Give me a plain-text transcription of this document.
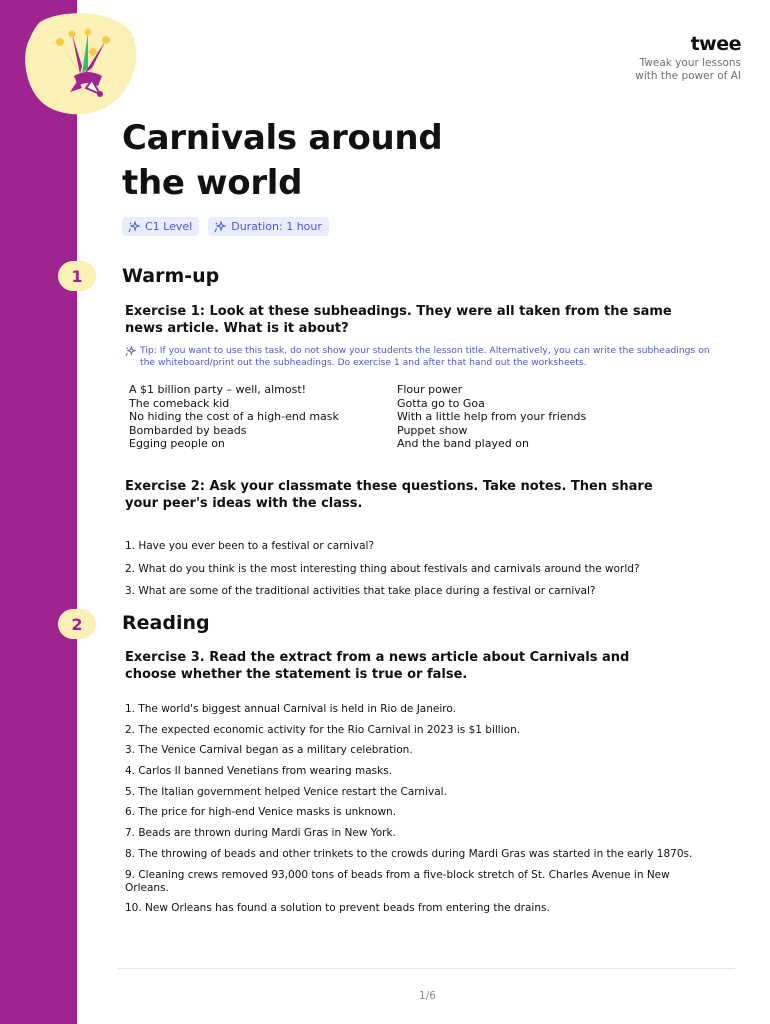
twee
Tweak your lessons
with the power of AI
Carnivals around
the world
C1 Level	Duration: 1 hour
1	Warm-up

Exercise 1: Look at these subheadings. They were all taken from the same news article. What is it about?

Tip: If you want to use this task, do not show your students the lesson title. Alternatively, you can write the subheadings on the whiteboard/print out the subheadings. Do exercise 1 and after that hand out the worksheets.

A $1 billion party – well, almost!
The comeback kid
No hiding the cost of a high-end mask
Bombarded by beads
Egging people on
Flour power
Gotta go to Goa
With a little help from your friends
Puppet show
And the band played on

Exercise 2: Ask your classmate these questions. Take notes. Then share your peer's ideas with the class.

1. Have you ever been to a festival or carnival?
2. What do you think is the most interesting thing about festivals and carnivals around the world?
3. What are some of the traditional activities that take place during a festival or carnival?
2	Reading

Exercise 3. Read the extract from a news article about Carnivals and choose whether the statement is true or false.

1. The world's biggest annual Carnival is held in Rio de Janeiro.
2. The expected economic activity for the Rio Carnival in 2023 is $1 billion.
3. The Venice Carnival began as a military celebration.
4. Carlos II banned Venetians from wearing masks.
5. The Italian government helped Venice restart the Carnival.
6. The price for high-end Venice masks is unknown.
7. Beads are thrown during Mardi Gras in New York.
8. The throwing of beads and other trinkets to the crowds during Mardi Gras was started in the early 1870s.
9. Cleaning crews removed 93,000 tons of beads from a five-block stretch of St. Charles Avenue in New Orleans.
10. New Orleans has found a solution to prevent beads from entering the drains.
1/6
